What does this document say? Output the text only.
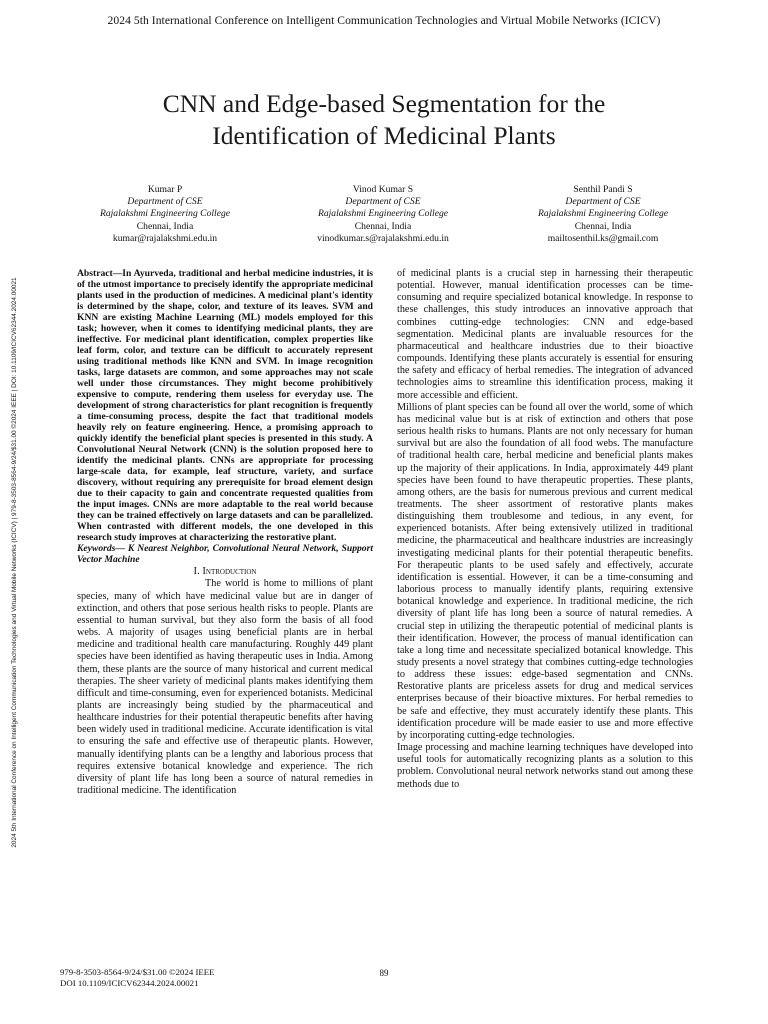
2024 5th International Conference on Intelligent Communication Technologies and Virtual Mobile Networks (ICICV)
2024 5th International Conference on Intelligent Communication Technologies and Virtual Mobile Networks (ICICV) | 979-8-3503-8564-9/24/$31.00 ©2024 IEEE | DOI: 10.1109/ICICV62344.2024.00021
CNN and Edge-based Segmentation for the
Identification of Medicinal Plants
Kumar P
Department of CSE
Rajalakshmi Engineering College
Chennai, India
kumar@rajalakshmi.edu.in
Vinod Kumar S
Department of CSE
Rajalakshmi Engineering College
Chennai, India
vinodkumar.s@rajalakshmi.edu.in
Senthil Pandi S
Department of CSE
Rajalakshmi Engineering College
Chennai, India
mailtosenthil.ks@gmail.com

Abstract—In Ayurveda, traditional and herbal medicine industries, it is of the utmost importance to precisely identify the appropriate medicinal plants used in the production of medicines. A medicinal plant's identity is determined by the shape, color, and texture of its leaves. SVM and KNN are existing Machine Learning (ML) models employed for this task; however, when it comes to identifying medicinal plants, they are ineffective. For medicinal plant identification, complex properties like leaf form, color, and texture can be difficult to accurately represent using traditional methods like KNN and SVM. In image recognition tasks, large datasets are common, and some approaches may not scale well under those circumstances. They might become prohibitively expensive to compute, rendering them useless for everyday use. The development of strong characteristics for plant recognition is frequently a time-consuming process, despite the fact that traditional models heavily rely on feature engineering. Hence, a promising approach to quickly identify the beneficial plant species is presented in this study. A Convolutional Neural Network (CNN) is the solution proposed here to identify the medicinal plants. CNNs are appropriate for processing large-scale data, for example, leaf structure, variety, and surface discovery, without requiring any prerequisite for broad element design due to their capacity to gain and concentrate requested qualities from the input images. CNNs are more adaptable to the real world because they can be trained effectively on large datasets and can be parallelized. When contrasted with different models, the one developed in this research study improves at characterizing the restorative plant.

Keywords— K Nearest Neighbor, Convolutional Neural Network, Support Vector Machine

I. Introduction

The world is home to millions of plant species, many of which have medicinal value but are in danger of extinction, and others that pose serious health risks to people. Plants are essential to human survival, but they also form the basis of all food webs. A majority of usages using beneficial plants are in herbal medicine and traditional health care manufacturing. Roughly 449 plant species have been identified as having therapeutic uses in India. Among them, these plants are the source of many historical and current medical therapies. The sheer variety of medicinal plants makes identifying them difficult and time-consuming, even for experienced botanists. Medicinal plants are increasingly being studied by the pharmaceutical and healthcare industries for their potential therapeutic benefits after having been widely used in traditional medicine. Accurate identification is vital to ensuring the safe and effective use of therapeutic plants. However, manually identifying plants can be a lengthy and laborious process that requires extensive botanical knowledge and experience. The rich diversity of plant life has long been a source of natural remedies in traditional medicine. The identification

of medicinal plants is a crucial step in harnessing their therapeutic potential. However, manual identification processes can be time-consuming and require specialized botanical knowledge. In response to these challenges, this study introduces an innovative approach that combines cutting-edge technologies: CNN and edge-based segmentation. Medicinal plants are invaluable resources for the pharmaceutical and healthcare industries due to their bioactive compounds. Identifying these plants accurately is essential for ensuring the safety and efficacy of herbal remedies. The integration of advanced technologies aims to streamline this identification process, making it more accessible and efficient.

Millions of plant species can be found all over the world, some of which has medicinal value but is at risk of extinction and others that pose serious health risks to humans. Plants are not only necessary for human survival but are also the foundation of all food webs. The manufacture of traditional health care, herbal medicine and beneficial plants makes up the majority of their applications. In India, approximately 449 plant species have been found to have therapeutic properties. These plants, among others, are the basis for numerous previous and current medical treatments. The sheer assortment of restorative plants makes distinguishing them troublesome and tedious, in any event, for experienced botanists. After being extensively utilized in traditional medicine, the pharmaceutical and healthcare industries are increasingly investigating medicinal plants for their potential therapeutic benefits. For therapeutic plants to be used safely and effectively, accurate identification is essential. However, it can be a time-consuming and laborious process to manually identify plants, requiring extensive botanical knowledge and experience. In traditional medicine, the rich diversity of plant life has long been a source of natural remedies. A crucial step in utilizing the therapeutic potential of medicinal plants is their identification. However, the process of manual identification can take a long time and necessitate specialized botanical knowledge. This study presents a novel strategy that combines cutting-edge technologies to address these issues: edge-based segmentation and CNNs. Restorative plants are priceless assets for drug and medical services enterprises because of their bioactive mixtures. For herbal remedies to be safe and effective, they must accurately identify these plants. This identification procedure will be made easier to use and more effective by incorporating cutting-edge technologies.

Image processing and machine learning techniques have developed into useful tools for automatically recognizing plants as a solution to this problem. Convolutional neural network networks stand out among these methods due to

979-8-3503-8564-9/24/$31.00 ©2024 IEEE
DOI 10.1109/ICICV62344.2024.00021
89
